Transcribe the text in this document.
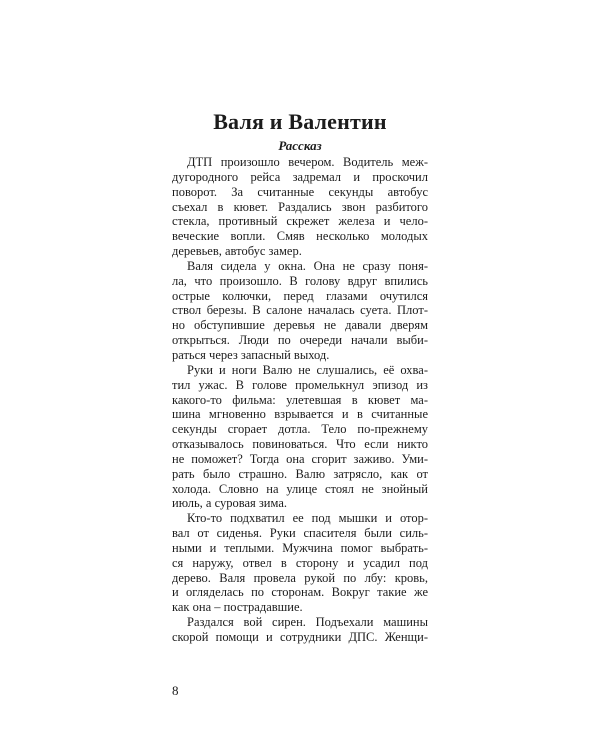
Валя и Валентин
Рассказ
ДТП произошло вечером. Водитель меж-
дугородного рейса задремал и проскочил
поворот. За считанные секунды автобус
съехал в кювет. Раздались звон разбитого
стекла, противный скрежет железа и чело-
веческие вопли. Смяв несколько молодых
деревьев, автобус замер.
Валя сидела у окна. Она не сразу поня-
ла, что произошло. В голову вдруг впились
острые колючки, перед глазами очутился
ствол березы. В салоне началась суета. Плот-
но обступившие деревья не давали дверям
открыться. Люди по очереди начали выби-
раться через запасный выход.
Руки и ноги Валю не слушались, её охва-
тил ужас. В голове промелькнул эпизод из
какого-то фильма: улетевшая в кювет ма-
шина мгновенно взрывается и в считанные
секунды сгорает дотла. Тело по-прежнему
отказывалось повиноваться. Что если никто
не поможет? Тогда она сгорит заживо. Уми-
рать было страшно. Валю затрясло, как от
холода. Словно на улице стоял не знойный
июль, а суровая зима.
Кто-то подхватил ее под мышки и отор-
вал от сиденья. Руки спасителя были силь-
ными и теплыми. Мужчина помог выбрать-
ся наружу, отвел в сторону и усадил под
дерево. Валя провела рукой по лбу: кровь,
и огляделась по сторонам. Вокруг такие же
как она – пострадавшие.
Раздался вой сирен. Подъехали машины
скорой помощи и сотрудники ДПС. Женщи-
8
